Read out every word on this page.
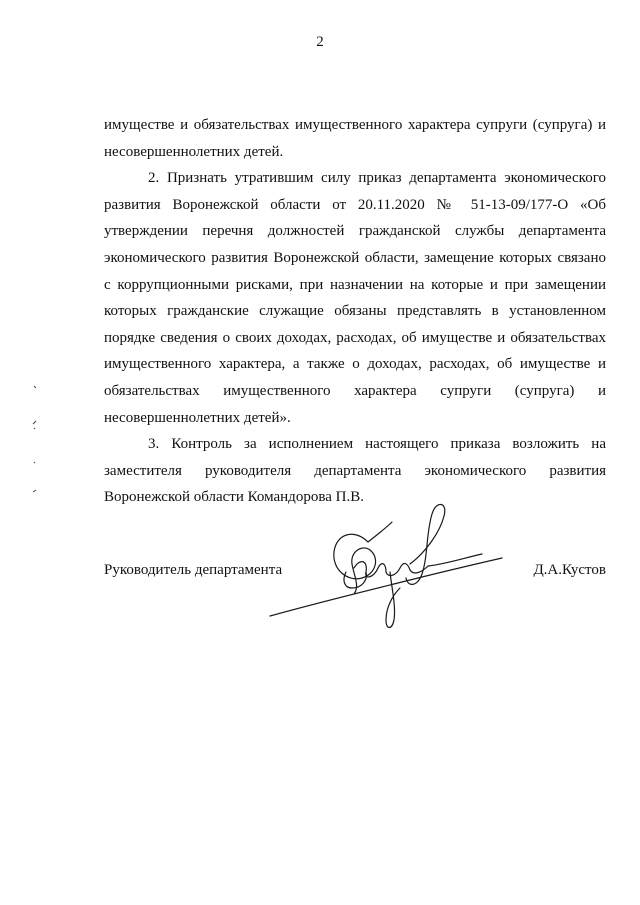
2
имуществе и обязательствах имущественного характера супруги (супруга) и
несовершеннолетних детей.
2. Признать утратившим силу приказ департамента экономического
развития Воронежской области от 20.11.2020 № 51-13-09/177-О «Об
утверждении перечня должностей гражданской службы департамента
экономического развития Воронежской области, замещение которых связано
с коррупционными рисками, при назначении на которые и при замещении
которых гражданские служащие обязаны представлять в установленном
порядке сведения о своих доходах, расходах, об имуществе и обязательствах
имущественного характера, а также о доходах, расходах, об имуществе и
обязательствах имущественного характера супруги (супруга) и
несовершеннолетних детей».
3. Контроль за исполнением настоящего приказа возложить на
заместителя руководителя департамента экономического развития
Воронежской области Командорова П.В.
Руководитель департамента	Д.А.Кустов
